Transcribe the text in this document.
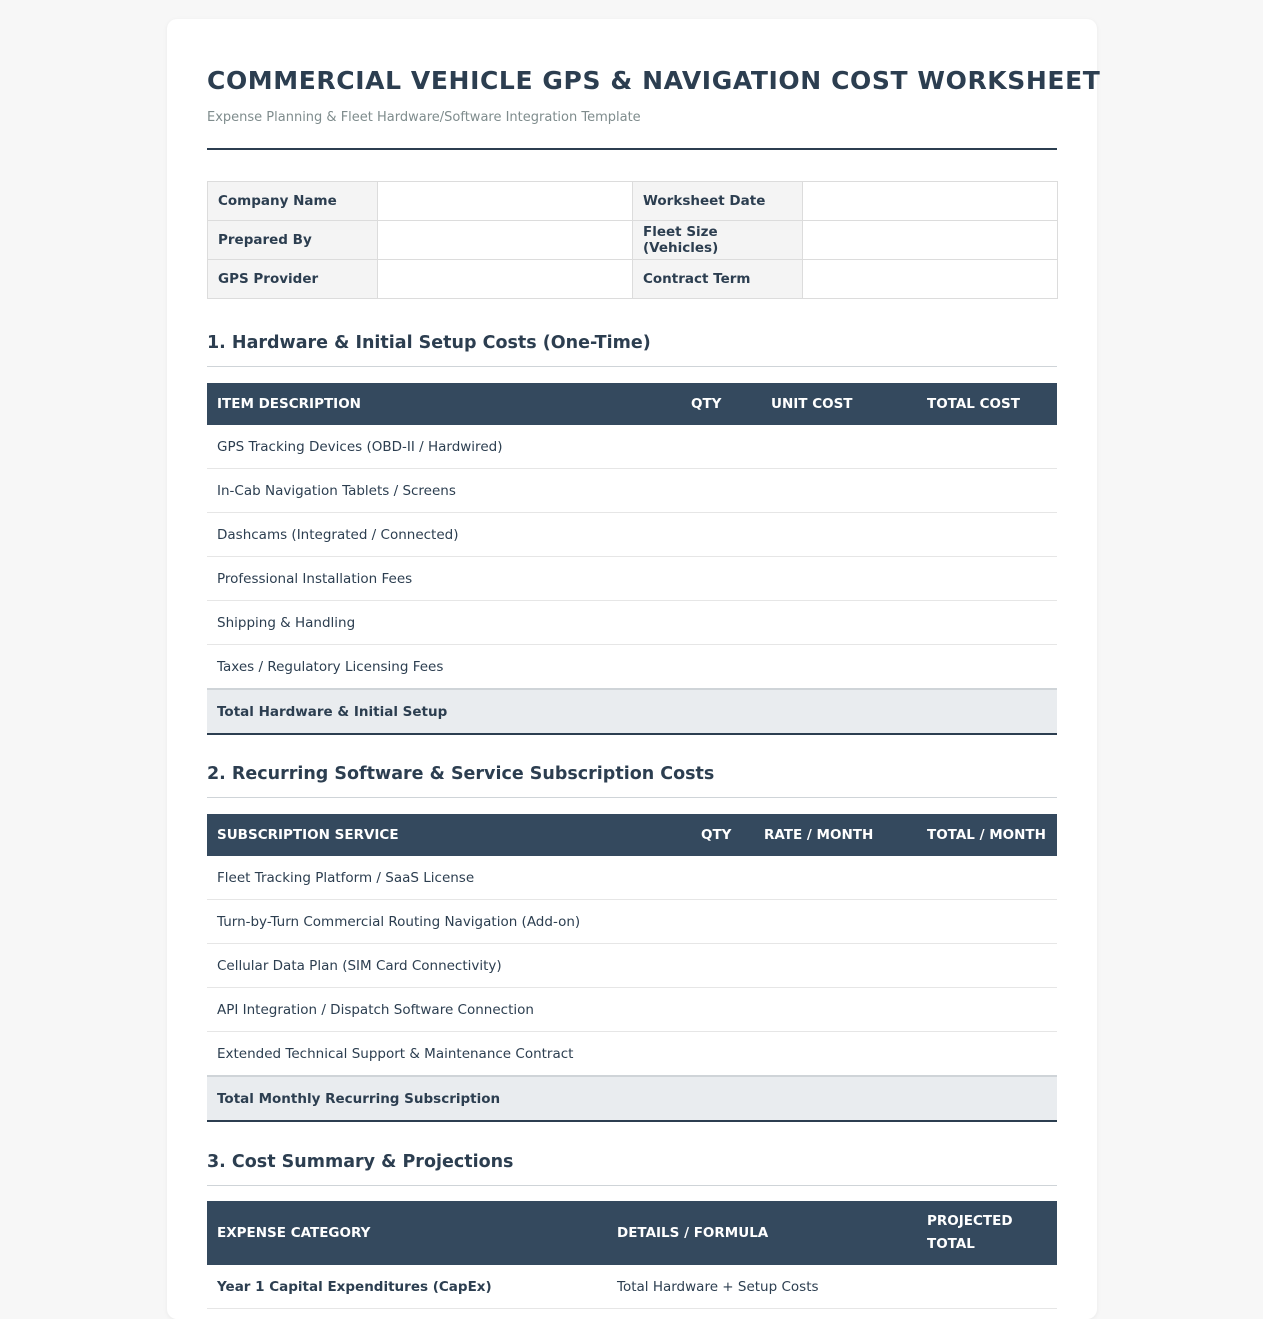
COMMERCIAL VEHICLE GPS & NAVIGATION COST WORKSHEET
Expense Planning & Fleet Hardware/Software Integration Template
Company Name		Worksheet Date	
Prepared By		Fleet Size (Vehicles)	
GPS Provider		Contract Term	
1. Hardware & Initial Setup Costs (One-Time)
ITEM DESCRIPTION	QTY	UNIT COST	TOTAL COST
GPS Tracking Devices (OBD-II / Hardwired)			
In-Cab Navigation Tablets / Screens			
Dashcams (Integrated / Connected)			
Professional Installation Fees			
Shipping & Handling			
Taxes / Regulatory Licensing Fees			
Total Hardware & Initial Setup			
2. Recurring Software & Service Subscription Costs
SUBSCRIPTION SERVICE	QTY	RATE / MONTH	TOTAL / MONTH
Fleet Tracking Platform / SaaS License			
Turn-by-Turn Commercial Routing Navigation (Add-on)			
Cellular Data Plan (SIM Card Connectivity)			
API Integration / Dispatch Software Connection			
Extended Technical Support & Maintenance Contract			
Total Monthly Recurring Subscription			
3. Cost Summary & Projections
EXPENSE CATEGORY	DETAILS / FORMULA	PROJECTED TOTAL
Year 1 Capital Expenditures (CapEx)	Total Hardware + Setup Costs	
